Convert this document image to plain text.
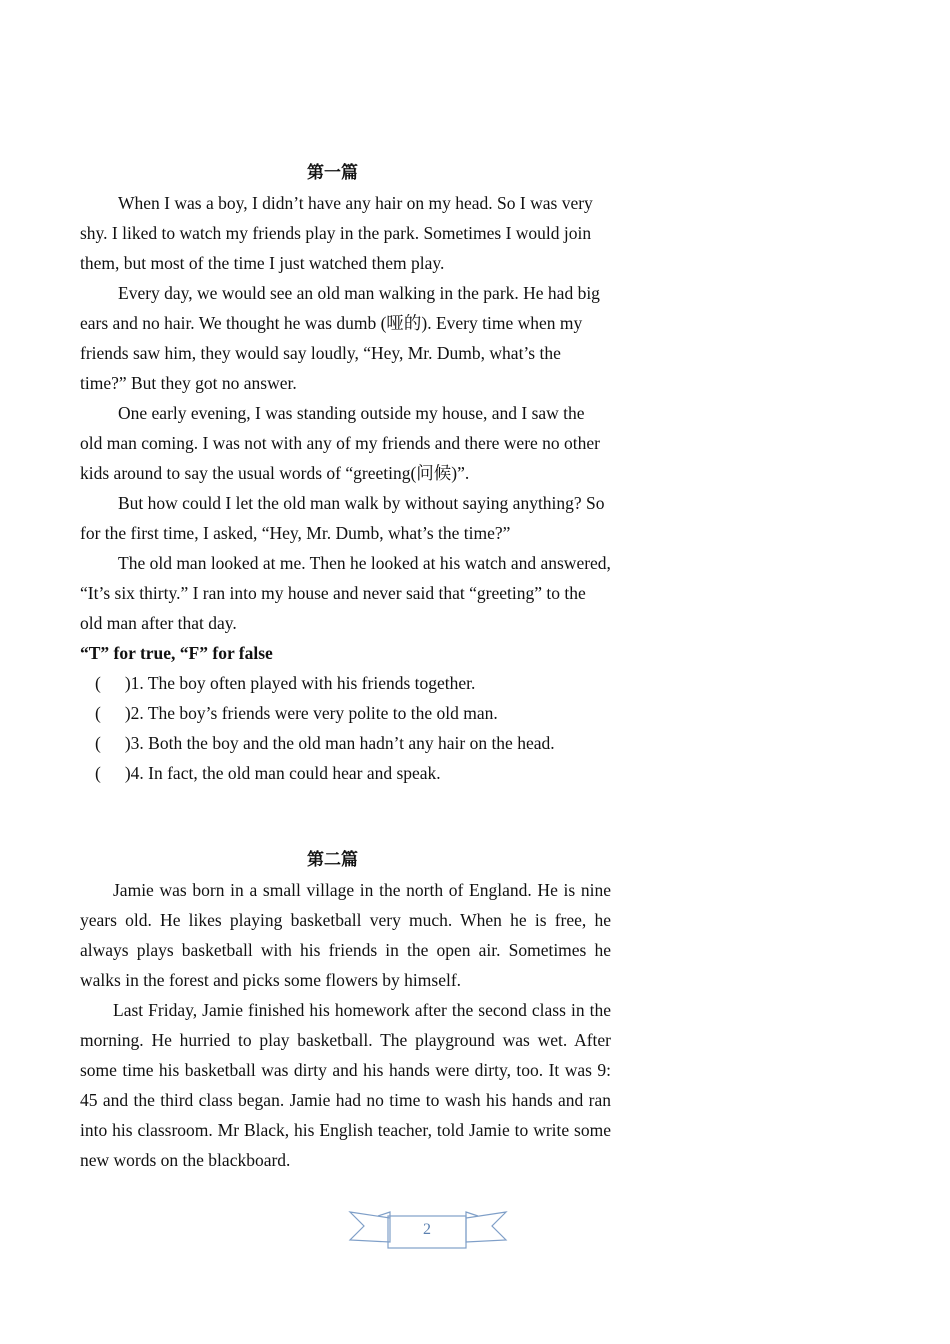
第一篇

When I was a boy, I didn’t have any hair on my head. So I was very shy. I liked to watch my friends play in the park. Sometimes I would join them, but most of the time I just watched them play.

Every day, we would see an old man walking in the park. He had big ears and no hair. We thought he was dumb (哑的). Every time when my friends saw him, they would say loudly, “Hey, Mr. Dumb, what’s the time?” But they got no answer.

One early evening, I was standing outside my house, and I saw the old man coming. I was not with any of my friends and there were no other kids around to say the usual words of “greeting(问候)”.

But how could I let the old man walk by without saying anything? So for the first time, I asked, “Hey, Mr. Dumb, what’s the time?”

The old man looked at me. Then he looked at his watch and answered, “It’s six thirty.” I ran into my house and never said that “greeting” to the old man after that day.

“T” for true, “F” for false

( )1. The boy often played with his friends together.

( )2. The boy’s friends were very polite to the old man.

( )3. Both the boy and the old man hadn’t any hair on the head.

( )4. In fact, the old man could hear and speak.

第二篇

Jamie was born in a small village in the north of England. He is nine years old. He likes playing basketball very much. When he is free, he always plays basketball with his friends in the open air. Sometimes he walks in the forest and picks some flowers by himself.

Last Friday, Jamie finished his homework after the second class in the morning. He hurried to play basketball. The playground was wet. After some time his basketball was dirty and his hands were dirty, too. It was 9: 45 and the third class began. Jamie had no time to wash his hands and ran into his classroom. Mr Black, his English teacher, told Jamie to write some new words on the blackboard.

2
